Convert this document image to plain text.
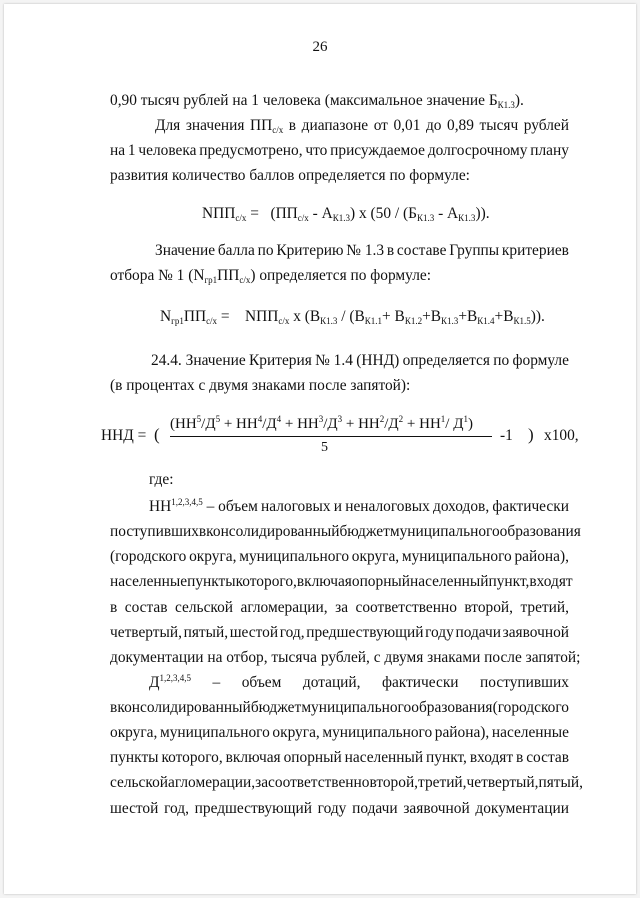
26
0,90 тысяч рублей на 1 человека (максимальное значение $Б_{К1.3}$).
Для значения $ПП_{с/х}$ в диапазоне от 0,01 до 0,89 тысяч рублей
на 1 человека предусмотрено, что присуждаемое долгосрочному плану
развития количество баллов определяется по формуле:
$NПП_{с/х} = (ПП_{с/х} - А_{К1.3})$ х $(50 / (Б_{К1.3} - А_{К1.3}))$.
Значение балла по Критерию № 1.3 в составе Группы критериев
отбора № 1 $(N_{гр1}ПП_{с/х})$ определяется по формуле:
$N_{гр1}ПП_{с/х} = NПП_{с/х}$ х $(В_{К1.3} / (В_{К1.1}+ В_{К1.2}+В_{К1.3}+В_{К1.4}+В_{К1.5}))$.
24.4. Значение Критерия № 1.4 (ННД) определяется по формуле
(в процентах с двумя знаками после запятой):
ННД = (
($НН^5/Д^5 + НН^4/Д^4 + НН^3/Д^3 + НН^2/Д^2 + НН^1/$ $Д^1$)
5
-1 ) х100,
где:
НН$^{1,2,3,4,5}$ – объем налоговых и неналоговых доходов, фактически
поступивших в консолидированный бюджет муниципального образования
(городского округа, муниципального округа, муниципального района),
населенные пункты которого, включая опорный населенный пункт, входят
в состав сельской агломерации, за соответственно второй, третий,
четвертый, пятый, шестой год, предшествующий году подачи заявочной
документации на отбор, тысяча рублей, с двумя знаками после запятой;
Д$^{1,2,3,4,5}$ – объем дотаций, фактически поступивших
в консолидированный бюджет муниципального образования (городского
округа, муниципального округа, муниципального района), населенные
пункты которого, включая опорный населенный пункт, входят в состав
сельской агломерации, за соответственно второй, третий, четвертый, пятый,
шестой год, предшествующий году подачи заявочной документации
